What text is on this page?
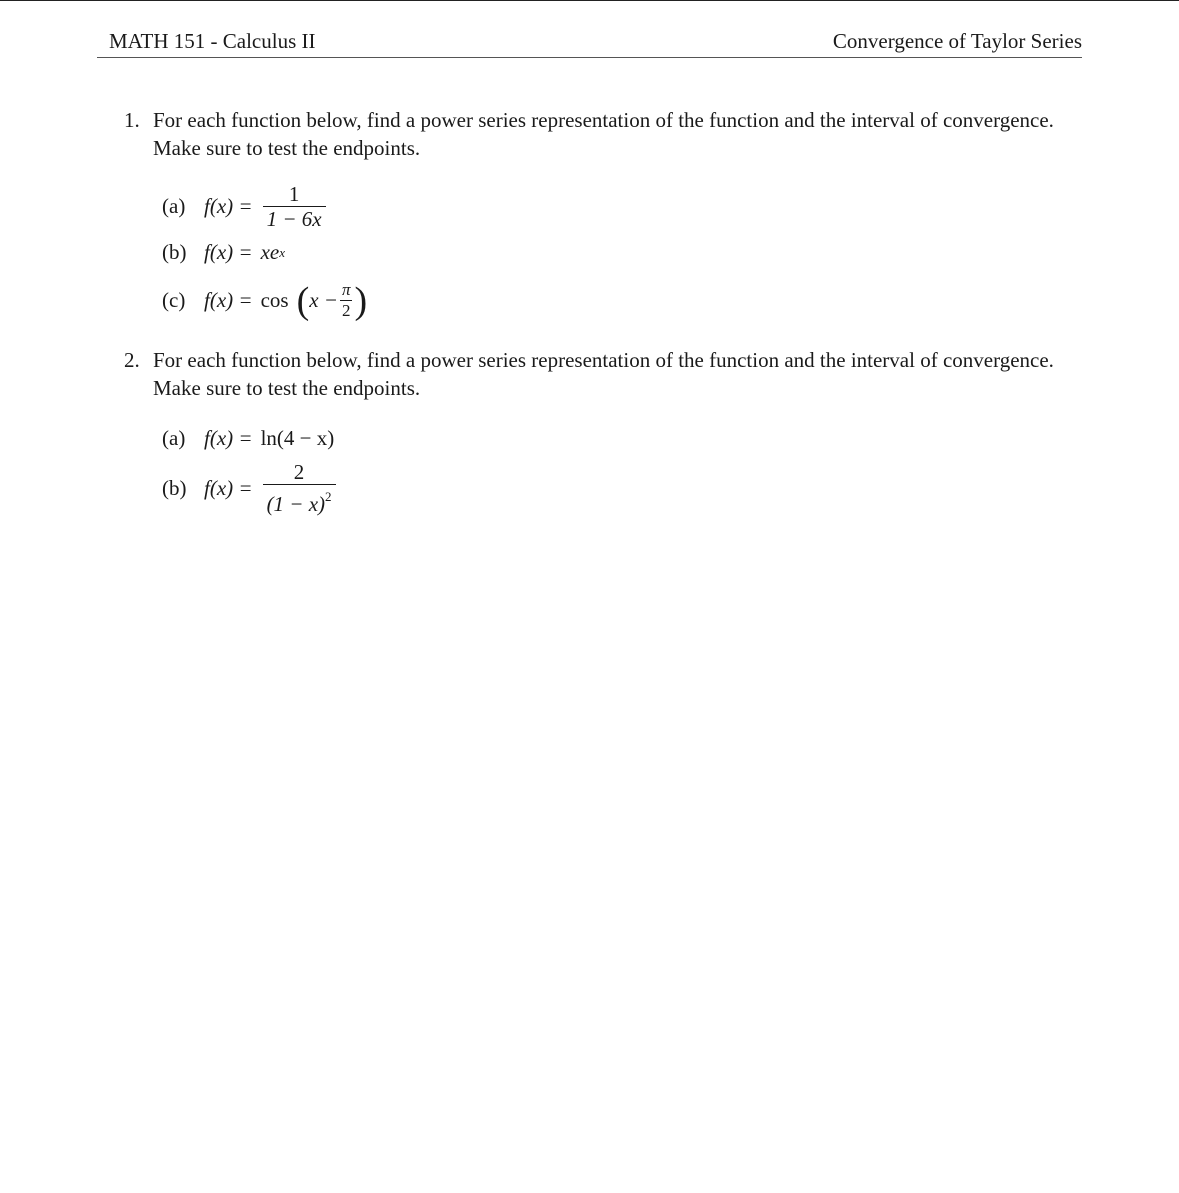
MATH 151 - Calculus II	Convergence of Taylor Series
1. For each function below, find a power series representation of the function and the interval of convergence. Make sure to test the endpoints.
(a) $f(x) = \frac{1}{1 - 6x}$
(b) f(x) = xe x
(c) f(x) = cos ( $x - \frac{\pi}{2}$ )
2. For each function below, find a power series representation of the function and the interval of convergence. Make sure to test the endpoints.
(a) f(x) = ln(4 − x)
(b) $f(x) = \frac{2}{(1 - x)^2}$
